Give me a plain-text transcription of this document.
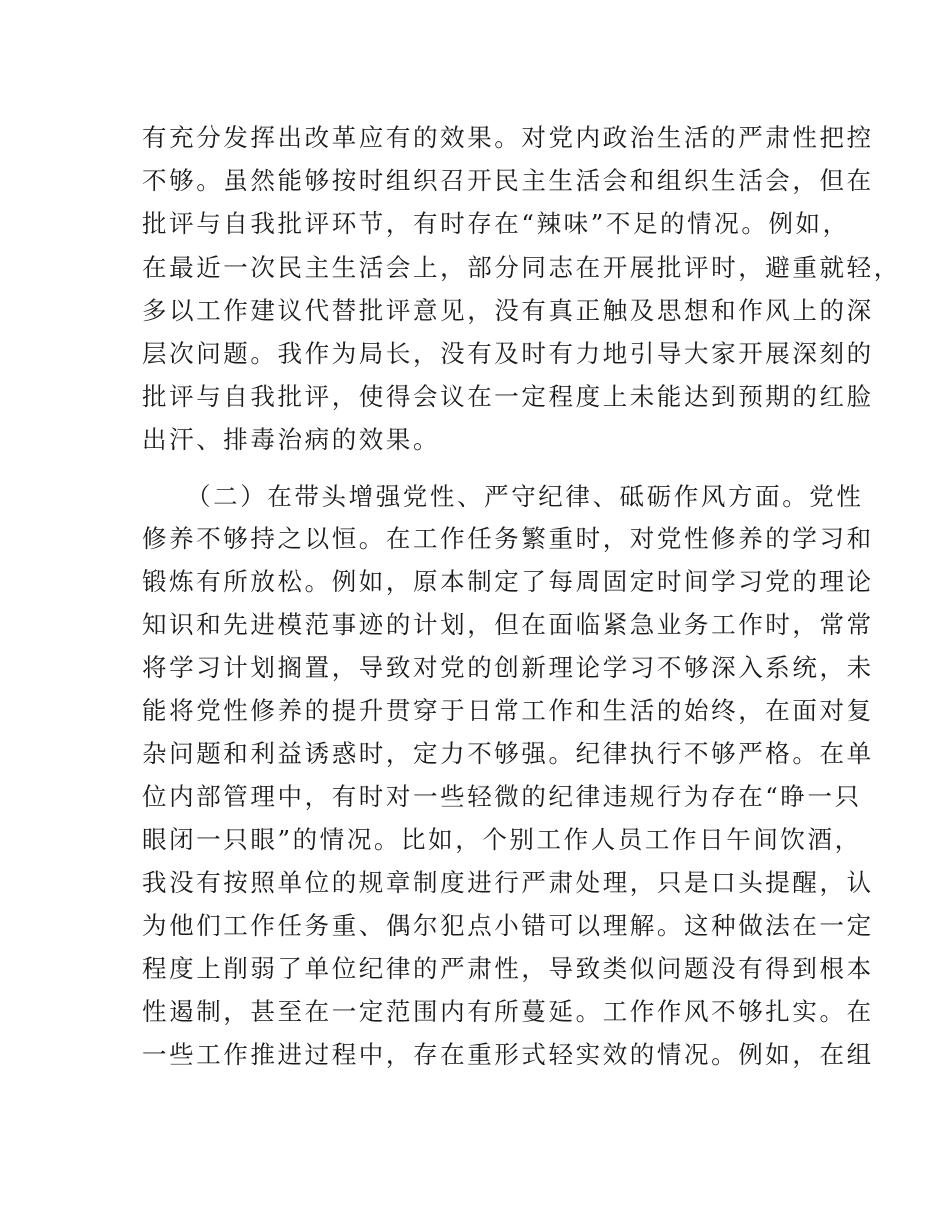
有充分发挥出改革应有的效果。对党内政治生活的严肃性把控
不够。虽然能够按时组织召开民主生活会和组织生活会，但在
批评与自我批评环节，有时存在“辣味”不足的情况。例如，
在最近一次民主生活会上，部分同志在开展批评时，避重就轻，
多以工作建议代替批评意见，没有真正触及思想和作风上的深
层次问题。我作为局长，没有及时有力地引导大家开展深刻的
批评与自我批评，使得会议在一定程度上未能达到预期的红脸
出汗、排毒治病的效果。
（二）在带头增强党性、严守纪律、砥砺作风方面。党性
修养不够持之以恒。在工作任务繁重时，对党性修养的学习和
锻炼有所放松。例如，原本制定了每周固定时间学习党的理论
知识和先进模范事迹的计划，但在面临紧急业务工作时，常常
将学习计划搁置，导致对党的创新理论学习不够深入系统，未
能将党性修养的提升贯穿于日常工作和生活的始终，在面对复
杂问题和利益诱惑时，定力不够强。纪律执行不够严格。在单
位内部管理中，有时对一些轻微的纪律违规行为存在“睁一只
眼闭一只眼”的情况。比如，个别工作人员工作日午间饮酒，
我没有按照单位的规章制度进行严肃处理，只是口头提醒，认
为他们工作任务重、偶尔犯点小错可以理解。这种做法在一定
程度上削弱了单位纪律的严肃性，导致类似问题没有得到根本
性遏制，甚至在一定范围内有所蔓延。工作作风不够扎实。在
一些工作推进过程中，存在重形式轻实效的情况。例如，在组
